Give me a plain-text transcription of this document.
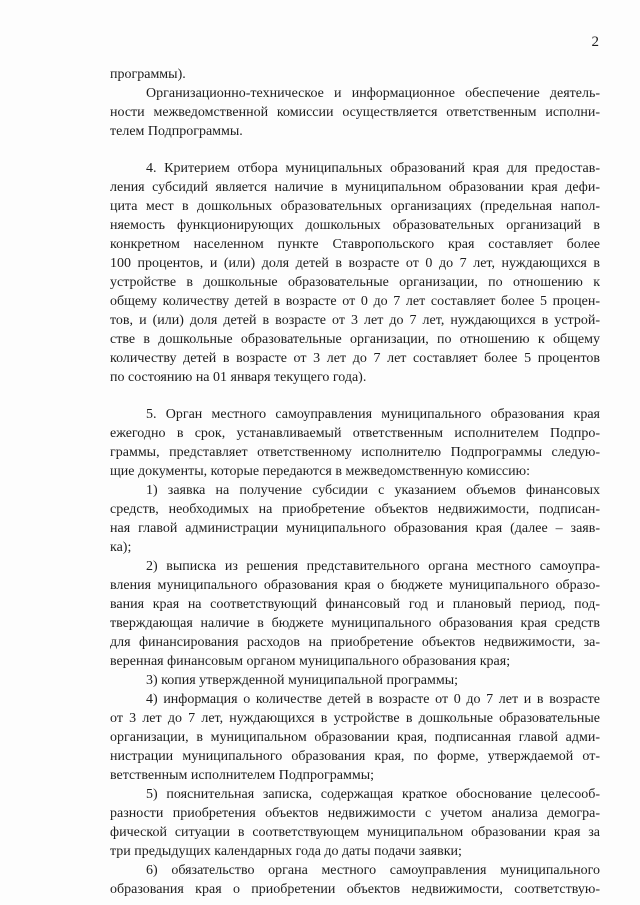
2
программы).
Организационно-техническое и информационное обеспечение деятель-
ности межведомственной комиссии осуществляется ответственным исполни-
телем Подпрограммы.
4. Критерием отбора муниципальных образований края для предостав-
ления субсидий является наличие в муниципальном образовании края дефи-
цита мест в дошкольных образовательных организациях (предельная напол-
няемость функционирующих дошкольных образовательных организаций в
конкретном населенном пункте Ставропольского края составляет более
100 процентов, и (или) доля детей в возрасте от 0 до 7 лет, нуждающихся в
устройстве в дошкольные образовательные организации, по отношению к
общему количеству детей в возрасте от 0 до 7 лет составляет более 5 процен-
тов, и (или) доля детей в возрасте от 3 лет до 7 лет, нуждающихся в устрой-
стве в дошкольные образовательные организации, по отношению к общему
количеству детей в возрасте от 3 лет до 7 лет составляет более 5 процентов
по состоянию на 01 января текущего года).
5. Орган местного самоуправления муниципального образования края
ежегодно в срок, устанавливаемый ответственным исполнителем Подпро-
граммы, представляет ответственному исполнителю Подпрограммы следую-
щие документы, которые передаются в межведомственную комиссию:
1) заявка на получение субсидии с указанием объемов финансовых
средств, необходимых на приобретение объектов недвижимости, подписан-
ная главой администрации муниципального образования края (далее – заяв-
ка);
2) выписка из решения представительного органа местного самоупра-
вления муниципального образования края о бюджете муниципального образо-
вания края на соответствующий финансовый год и плановый период, под-
тверждающая наличие в бюджете муниципального образования края средств
для финансирования расходов на приобретение объектов недвижимости, за-
веренная финансовым органом муниципального образования края;
3) копия утвержденной муниципальной программы;
4) информация о количестве детей в возрасте от 0 до 7 лет и в возрасте
от 3 лет до 7 лет, нуждающихся в устройстве в дошкольные образовательные
организации, в муниципальном образовании края, подписанная главой адми-
нистрации муниципального образования края, по форме, утверждаемой от-
ветственным исполнителем Подпрограммы;
5) пояснительная записка, содержащая краткое обоснование целесооб-
разности приобретения объектов недвижимости с учетом анализа демогра-
фической ситуации в соответствующем муниципальном образовании края за
три предыдущих календарных года до даты подачи заявки;
6) обязательство органа местного самоуправления муниципального
образования края о приобретении объектов недвижимости, соответствую-
